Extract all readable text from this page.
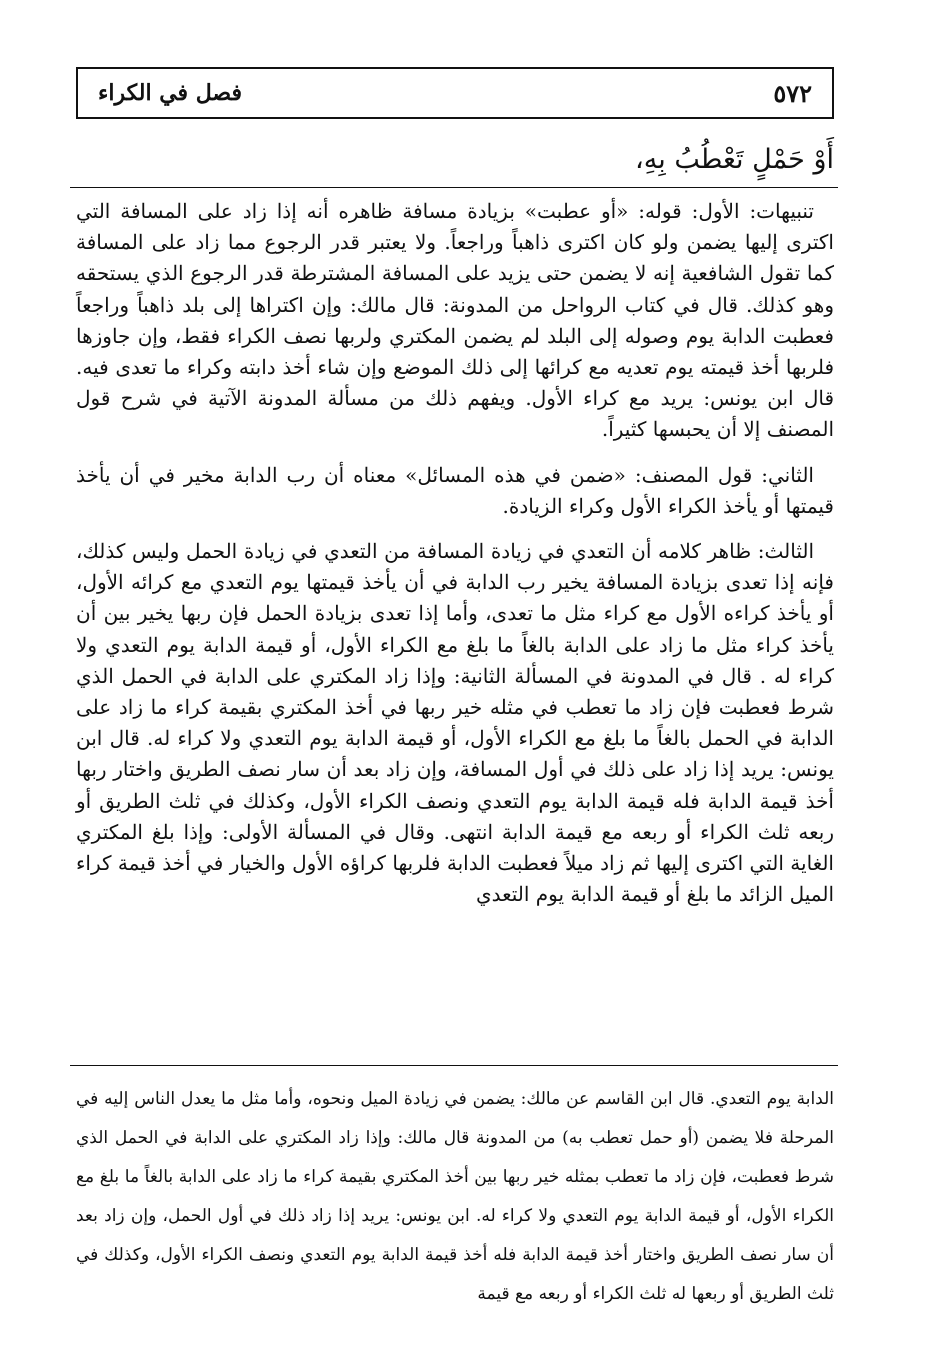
٥٧٢
فصل في الكراء
أَوْ حَمْلٍ تَعْطُبُ بِهِ،

تنبيهات: الأول: قوله: «أو عطبت» بزيادة مسافة ظاهره أنه إذا زاد على المسافة التي اكترى إليها يضمن ولو كان اكترى ذاهباً وراجعاً. ولا يعتبر قدر الرجوع مما زاد على المسافة كما تقول الشافعية إنه لا يضمن حتى يزيد على المسافة المشترطة قدر الرجوع الذي يستحقه وهو كذلك. قال في كتاب الرواحل من المدونة: قال مالك: وإن اكتراها إلى بلد ذاهباً وراجعاً فعطبت الدابة يوم وصوله إلى البلد لم يضمن المكتري ولربها نصف الكراء فقط، وإن جاوزها فلربها أخذ قيمته يوم تعديه مع كرائها إلى ذلك الموضع وإن شاء أخذ دابته وكراء ما تعدى فيه. قال ابن يونس: يريد مع كراء الأول. ويفهم ذلك من مسألة المدونة الآتية في شرح قول المصنف إلا أن يحبسها كثيراً.

الثاني: قول المصنف: «ضمن في هذه المسائل» معناه أن رب الدابة مخير في أن يأخذ قيمتها أو يأخذ الكراء الأول وكراء الزيادة.

الثالث: ظاهر كلامه أن التعدي في زيادة المسافة من التعدي في زيادة الحمل وليس كذلك، فإنه إذا تعدى بزيادة المسافة يخير رب الدابة في أن يأخذ قيمتها يوم التعدي مع كرائه الأول، أو يأخذ كراءه الأول مع كراء مثل ما تعدى، وأما إذا تعدى بزيادة الحمل فإن ربها يخير بين أن يأخذ كراء مثل ما زاد على الدابة بالغاً ما بلغ مع الكراء الأول، أو قيمة الدابة يوم التعدي ولا كراء له . قال في المدونة في المسألة الثانية: وإذا زاد المكتري على الدابة في الحمل الذي شرط فعطبت فإن زاد ما تعطب في مثله خير ربها في أخذ المكتري بقيمة كراء ما زاد على الدابة في الحمل بالغاً ما بلغ مع الكراء الأول، أو قيمة الدابة يوم التعدي ولا كراء له. قال ابن يونس: يريد إذا زاد على ذلك في أول المسافة، وإن زاد بعد أن سار نصف الطريق واختار ربها أخذ قيمة الدابة فله قيمة الدابة يوم التعدي ونصف الكراء الأول، وكذلك في ثلث الطريق أو ربعه ثلث الكراء أو ربعه مع قيمة الدابة انتهى. وقال في المسألة الأولى: وإذا بلغ المكتري الغاية التي اكترى إليها ثم زاد ميلاً فعطبت الدابة فلربها كراؤه الأول والخيار في أخذ قيمة كراء الميل الزائد ما بلغ أو قيمة الدابة يوم التعدي

الدابة يوم التعدي. قال ابن القاسم عن مالك: يضمن في زيادة الميل ونحوه، وأما مثل ما يعدل الناس إليه في المرحلة فلا يضمن (أو حمل تعطب به) من المدونة قال مالك: وإذا زاد المكتري على الدابة في الحمل الذي شرط فعطبت، فإن زاد ما تعطب بمثله خير ربها بين أخذ المكتري بقيمة كراء ما زاد على الدابة بالغاً ما بلغ مع الكراء الأول، أو قيمة الدابة يوم التعدي ولا كراء له. ابن يونس: يريد إذا زاد ذلك في أول الحمل، وإن زاد بعد أن سار نصف الطريق واختار أخذ قيمة الدابة فله أخذ قيمة الدابة يوم التعدي ونصف الكراء الأول، وكذلك في ثلث الطريق أو ربعها له ثلث الكراء أو ربعه مع قيمة
